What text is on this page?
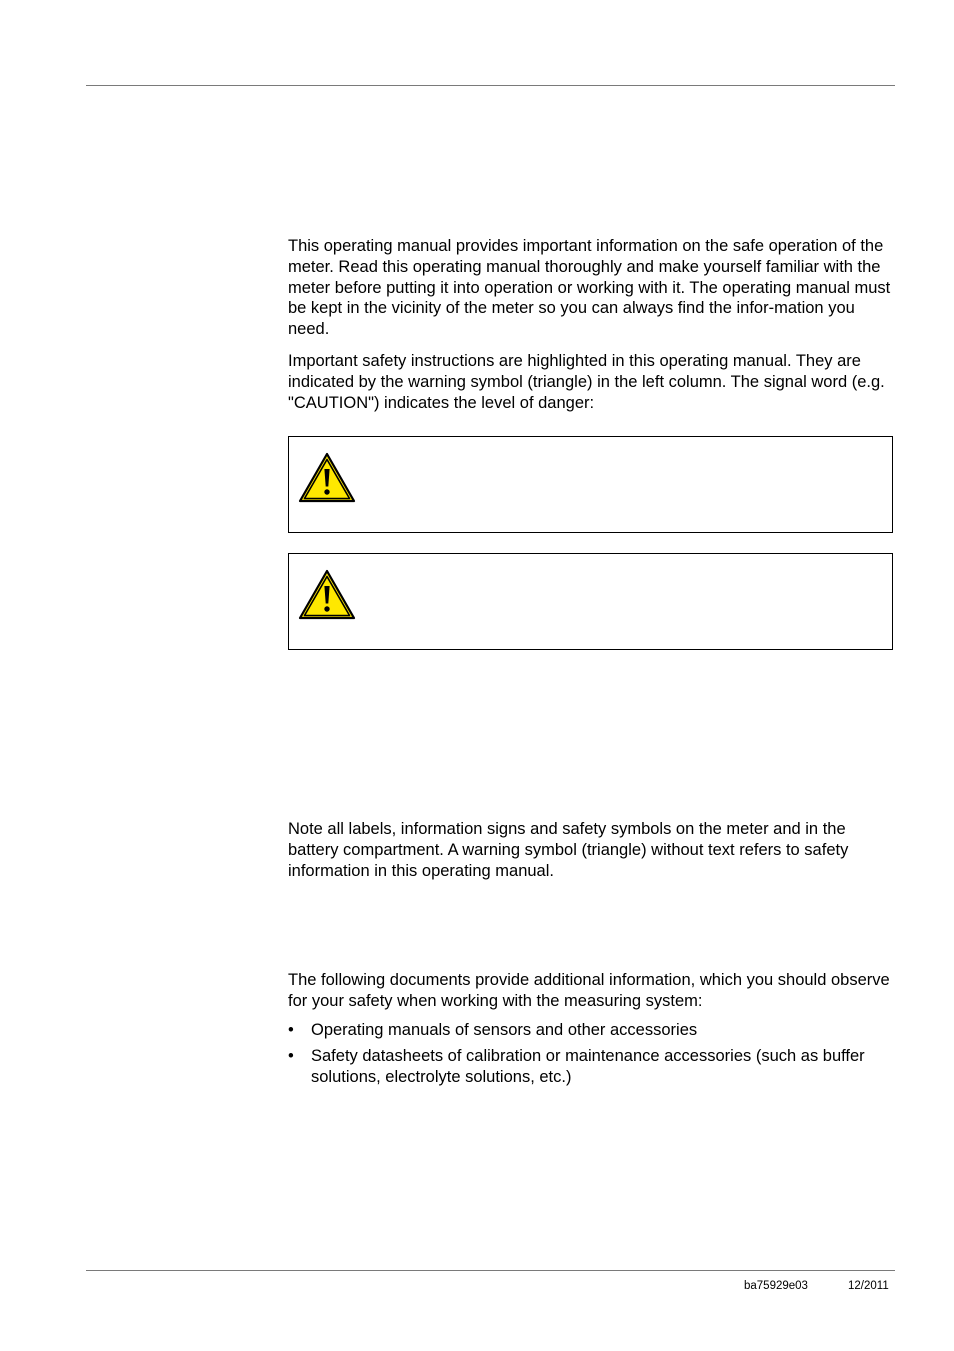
This operating manual provides important information on the safe operation of the meter. Read this operating manual thoroughly and make yourself familiar with the meter before putting it into operation or working with it. The operating manual must be kept in the vicinity of the meter so you can always find the infor-mation you need.

Important safety instructions are highlighted in this operating manual. They are indicated by the warning symbol (triangle) in the left column. The signal word (e.g. "CAUTION") indicates the level of danger:

Note all labels, information signs and safety symbols on the meter and in the battery compartment. A warning symbol (triangle) without text refers to safety information in this operating manual.

The following documents provide additional information, which you should observe for your safety when working with the measuring system:

• Operating manuals of sensors and other accessories
• Safety datasheets of calibration or maintenance accessories (such as buffer solutions, electrolyte solutions, etc.)
ba75929e03	12/2011
